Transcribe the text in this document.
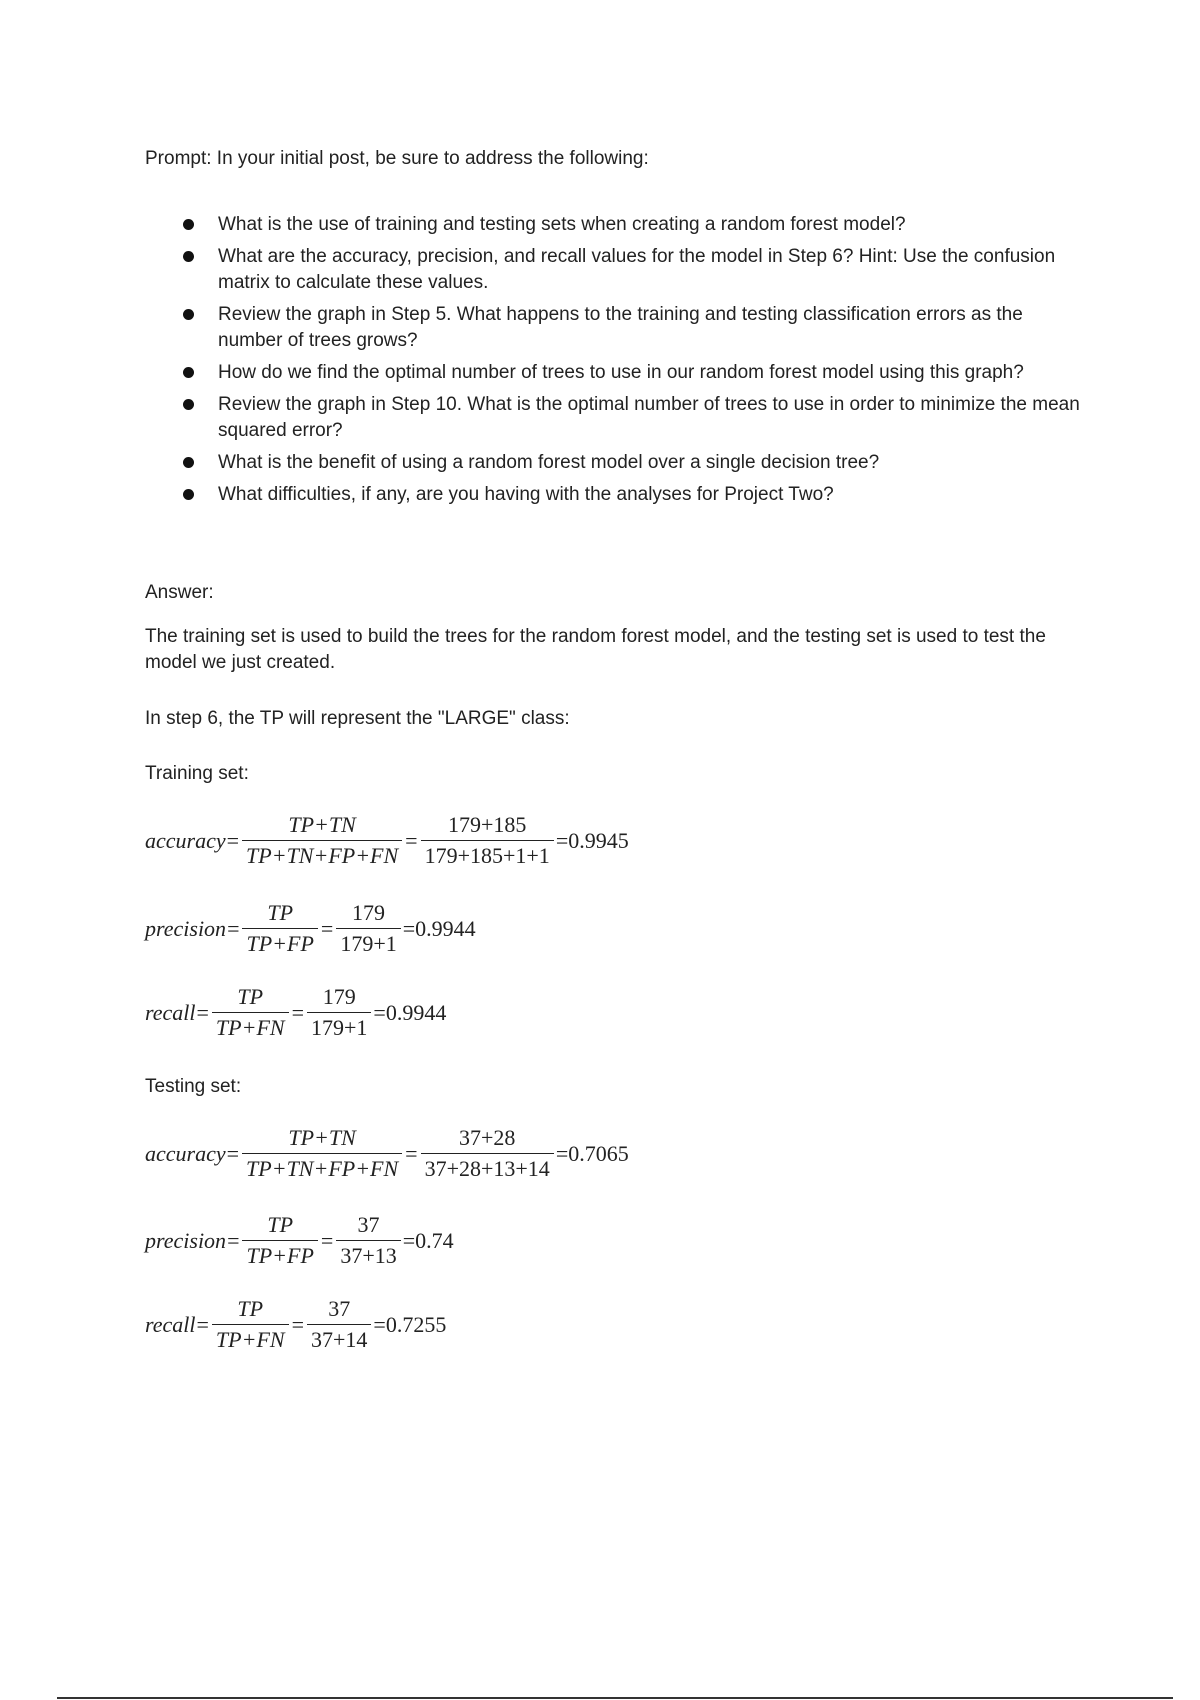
Prompt: In your initial post, be sure to address the following:

What is the use of training and testing sets when creating a random forest model?
What are the accuracy, precision, and recall values for the model in Step 6? Hint: Use the confusion matrix to calculate these values.
Review the graph in Step 5. What happens to the training and testing classification errors as the number of trees grows?
How do we find the optimal number of trees to use in our random forest model using this graph?
Review the graph in Step 10. What is the optimal number of trees to use in order to minimize the mean squared error?
What is the benefit of using a random forest model over a single decision tree?
What difficulties, if any, are you having with the analyses for Project Two?

Answer:

The training set is used to build the trees for the random forest model, and the testing set is used to test the model we just created.

In step 6, the TP will represent the "LARGE" class:

Training set:

accuracy = $\frac{TP+TN}{TP+TN+FP+FN} = \frac{179+185}{179+185+1+1} =0.9945$
precision = $\frac{TP}{TP+FP} = \frac{179}{179+1} =0.9944$
recall = $\frac{TP}{TP+FN} = \frac{179}{179+1} =0.9944$

Testing set:

accuracy = $\frac{TP+TN}{TP+TN+FP+FN} = \frac{37+28}{37+28+13+14} =0.7065$
precision = $\frac{TP}{TP+FP} = \frac{37}{37+13} =0.74$
recall = $\frac{TP}{TP+FN} = \frac{37}{37+14} =0.7255$
